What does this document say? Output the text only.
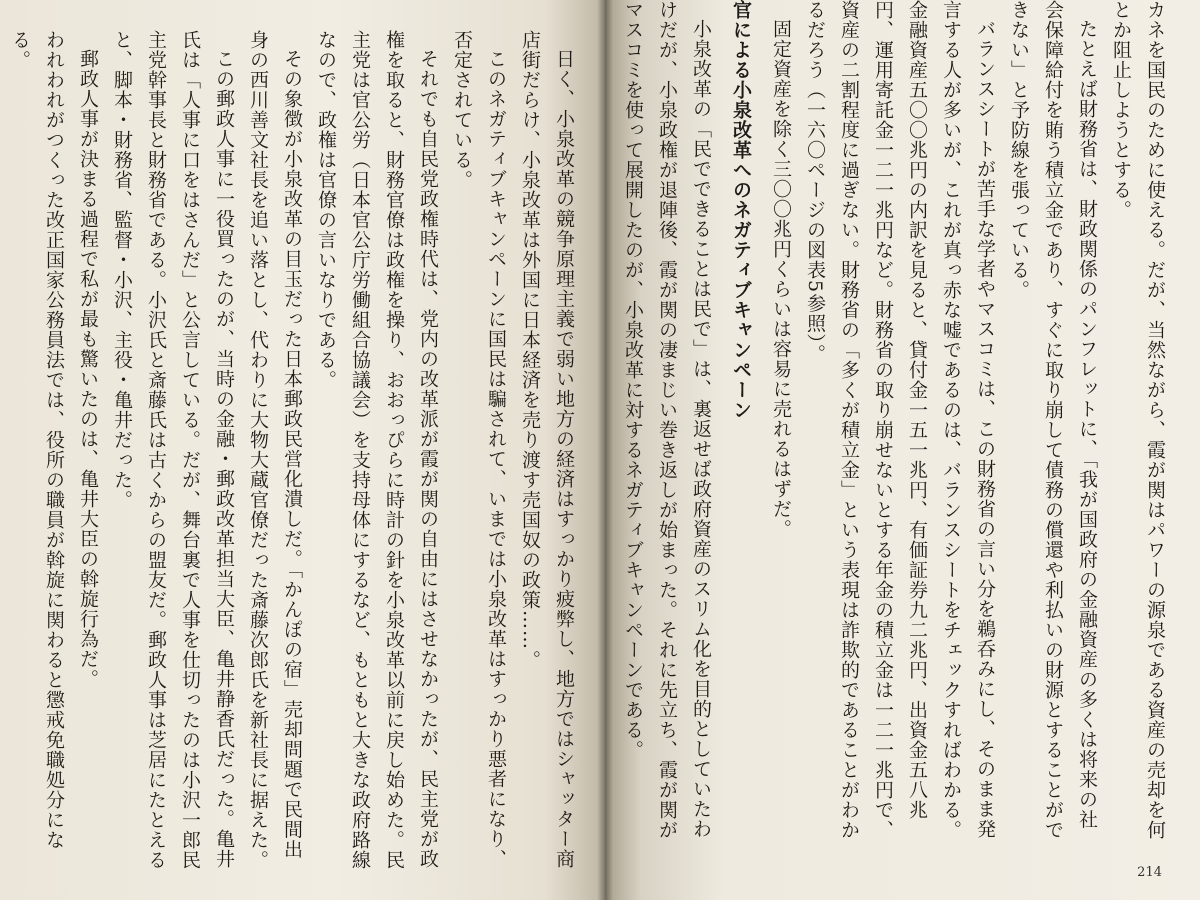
カネを国民のために使える。だが、当然ながら、霞が関はパワーの源泉である資産の売却を何
とか阻止しようとする。
たとえば財務省は、財政関係のパンフレットに、「我が国政府の金融資産の多くは将来の社
会保障給付を賄う積立金であり、すぐに取り崩して債務の償還や利払いの財源とすることがで
きない」と予防線を張っている。
バランスシートが苦手な学者やマスコミは、この財務省の言い分を鵜呑みにし、そのまま発
言する人が多いが、これが真っ赤な嘘であるのは、バランスシートをチェックすればわかる。
金融資産五〇〇兆円の内訳を見ると、貸付金一五一兆円、有価証券九二兆円、出資金五八兆
円、運用寄託金一二一兆円など。財務省の取り崩せないとする年金の積立金は一二一兆円で、
資産の二割程度に過ぎない。財務省の「多くが積立金」という表現は詐欺的であることがわか
るだろう（一六〇ページの図表5参照）。
固定資産を除く三〇〇兆円くらいは容易に売れるはずだ。
官による小泉改革へのネガティブキャンペーン
小泉改革の「民でできることは民で」は、裏返せば政府資産のスリム化を目的としていたわ
けだが、小泉政権が退陣後、霞が関の凄まじい巻き返しが始まった。それに先立ち、霞が関が
マスコミを使って展開したのが、小泉改革に対するネガティブキャンペーンである。
214
日く、小泉改革の競争原理主義で弱い地方の経済はすっかり疲弊し、地方ではシャッター商
店街だらけ、小泉改革は外国に日本経済を売り渡す売国奴の政策……。
このネガティブキャンペーンに国民は騙されて、いまでは小泉改革はすっかり悪者になり、
否定されている。
それでも自民党政権時代は、党内の改革派が霞が関の自由にはさせなかったが、民主党が政
権を取ると、財務官僚は政権を操り、おおっぴらに時計の針を小泉改革以前に戻し始めた。民
主党は官公労（日本官公庁労働組合協議会）を支持母体にするなど、もともと大きな政府路線
なので、政権は官僚の言いなりである。
その象徴が小泉改革の目玉だった日本郵政民営化潰しだ。「かんぽの宿」売却問題で民間出
身の西川善文社長を追い落とし、代わりに大物大蔵官僚だった斎藤次郎氏を新社長に据えた。
この郵政人事に一役買ったのが、当時の金融・郵政改革担当大臣、亀井静香氏だった。亀井
氏は「人事に口をはさんだ」と公言している。だが、舞台裏で人事を仕切ったのは小沢一郎民
主党幹事長と財務省である。小沢氏と斎藤氏は古くからの盟友だ。郵政人事は芝居にたとえる
と、脚本・財務省、監督・小沢、主役・亀井だった。
郵政人事が決まる過程で私が最も驚いたのは、亀井大臣の斡旋行為だ。
われわれがつくった改正国家公務員法では、役所の職員が斡旋に関わると懲戒免職処分にな
る。
